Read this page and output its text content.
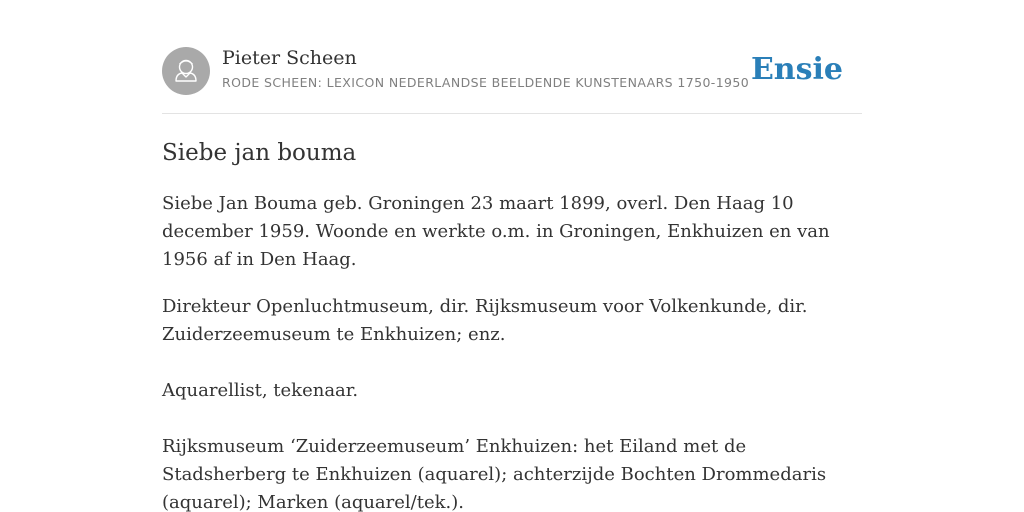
Pieter Scheen
RODE SCHEEN: LEXICON NEDERLANDSE BEELDENDE KUNSTENAARS 1750-1950 Ensie
Siebe jan bouma

Siebe Jan Bouma geb. Groningen 23 maart 1899, overl. Den Haag 10 december 1959. Woonde en werkte o.m. in Groningen, Enkhuizen en van 1956 af in Den Haag.

Direkteur Openluchtmuseum, dir. Rijksmuseum voor Volkenkunde, dir. Zuiderzeemuseum te Enkhuizen; enz.

Aquarellist, tekenaar.

Rijksmuseum ‘Zuiderzeemuseum’ Enkhuizen: het Eiland met de Stadsherberg te Enkhuizen (aquarel); achterzijde Bochten Drommedaris (aquarel); Marken (aquarel/tek.).
